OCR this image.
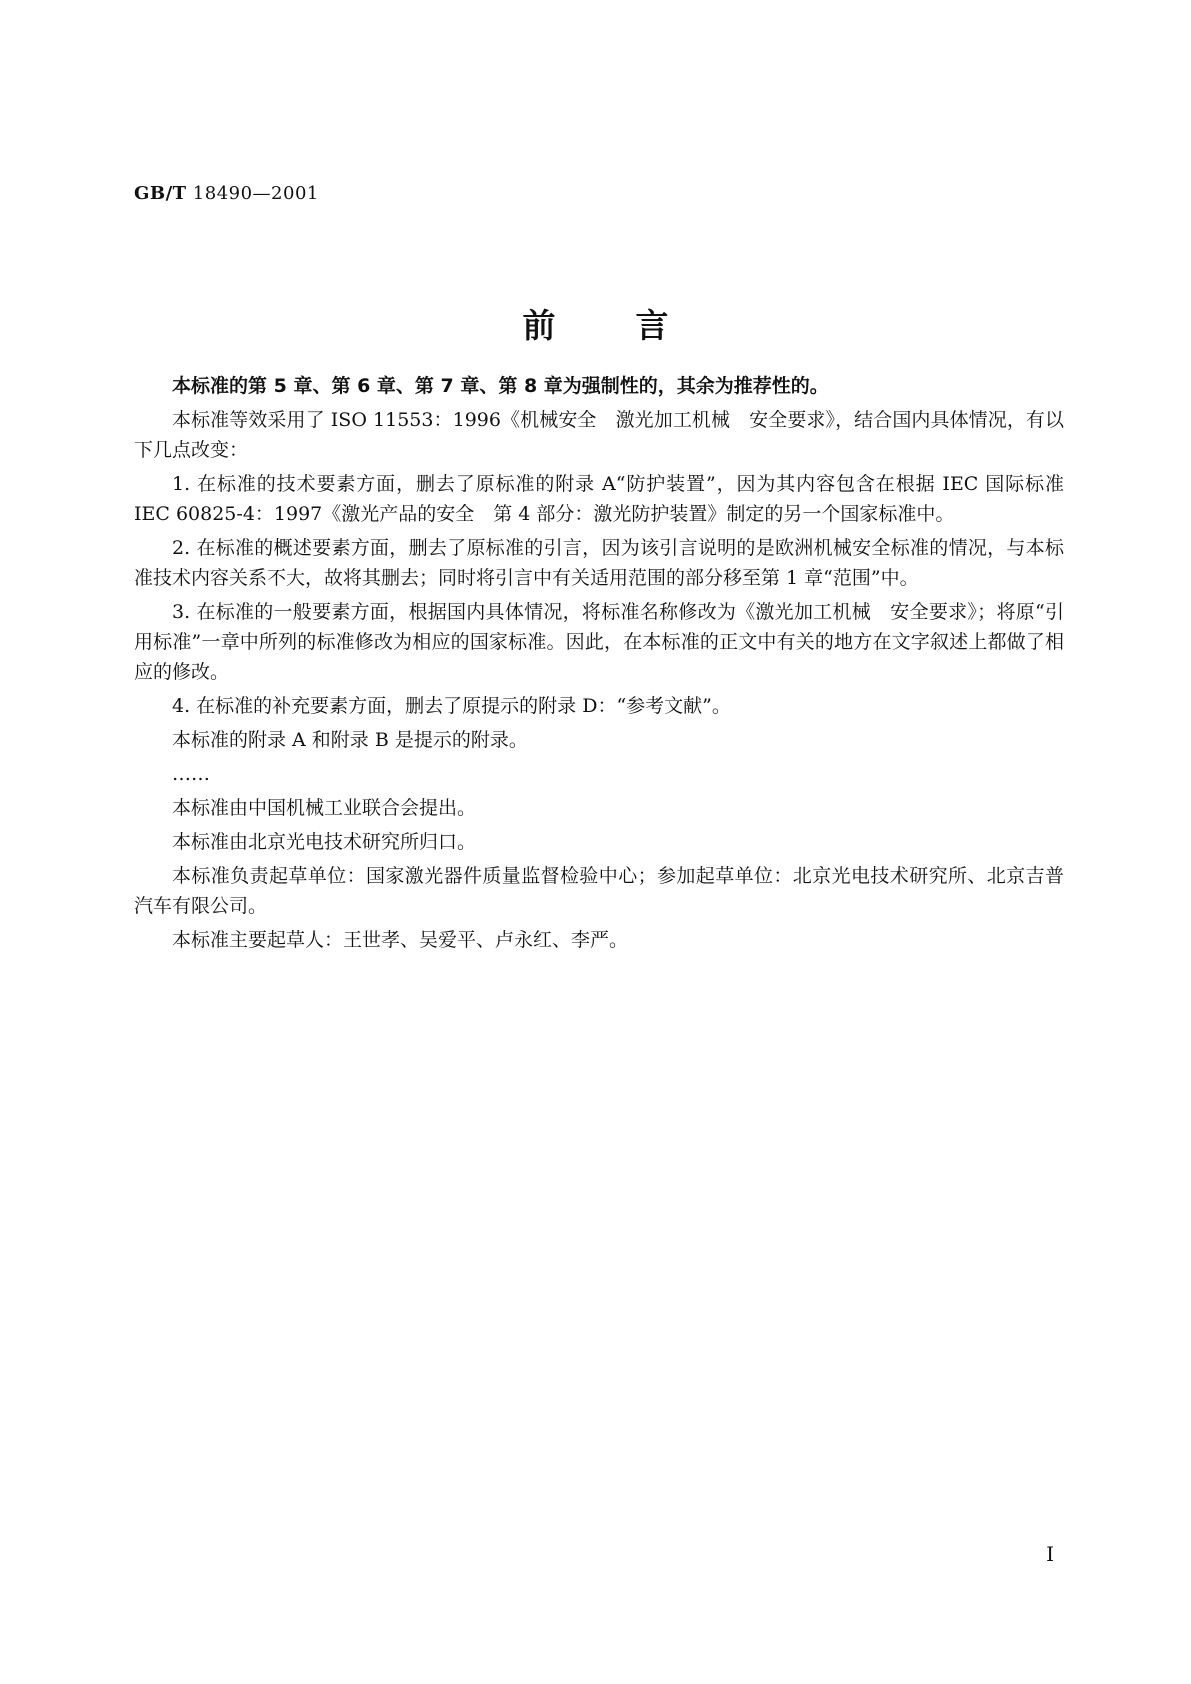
GB/T 18490—2001
前言

本标准的第 5 章、第 6 章、第 7 章、第 8 章为强制性的，其余为推荐性的。

本标准等效采用了 ISO 11553：1996《机械安全　激光加工机械　安全要求》，结合国内具体情况，有以下几点改变：

1. 在标准的技术要素方面，删去了原标准的附录 A“防护装置”，因为其内容包含在根据 IEC 国际标准 IEC 60825-4：1997《激光产品的安全　第 4 部分：激光防护装置》制定的另一个国家标准中。

2. 在标准的概述要素方面，删去了原标准的引言，因为该引言说明的是欧洲机械安全标准的情况，与本标准技术内容关系不大，故将其删去；同时将引言中有关适用范围的部分移至第 1 章“范围”中。

3. 在标准的一般要素方面，根据国内具体情况，将标准名称修改为《激光加工机械　安全要求》；将原“引用标准”一章中所列的标准修改为相应的国家标准。因此，在本标准的正文中有关的地方在文字叙述上都做了相应的修改。

4. 在标准的补充要素方面，删去了原提示的附录 D：“参考文献”。

本标准的附录 A 和附录 B 是提示的附录。

……

本标准由中国机械工业联合会提出。

本标准由北京光电技术研究所归口。

本标准负责起草单位：国家激光器件质量监督检验中心；参加起草单位：北京光电技术研究所、北京吉普汽车有限公司。

本标准主要起草人：王世孝、吴爱平、卢永红、李严。

I
